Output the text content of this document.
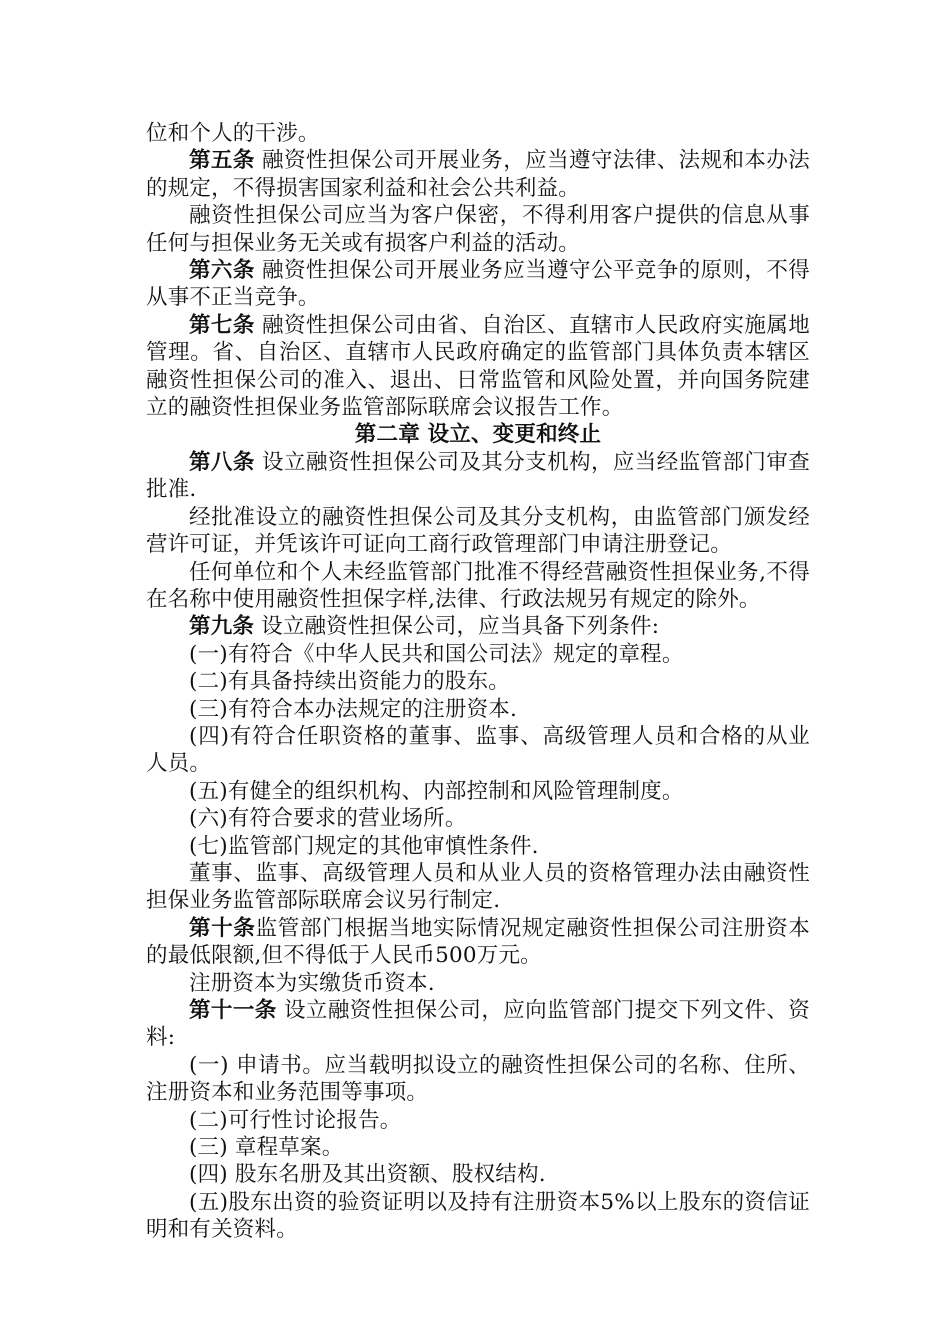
位和个人的干涉。

第五条 融资性担保公司开展业务，应当遵守法律、法规和本办法的规定，不得损害国家利益和社会公共利益。

融资性担保公司应当为客户保密，不得利用客户提供的信息从事任何与担保业务无关或有损客户利益的活动。

第六条 融资性担保公司开展业务应当遵守公平竞争的原则，不得从事不正当竞争。

第七条 融资性担保公司由省、自治区、直辖市人民政府实施属地管理。省、自治区、直辖市人民政府确定的监管部门具体负责本辖区融资性担保公司的准入、退出、日常监管和风险处置，并向国务院建立的融资性担保业务监管部际联席会议报告工作。

第二章 设立、变更和终止

第八条 设立融资性担保公司及其分支机构，应当经监管部门审查批准.

经批准设立的融资性担保公司及其分支机构，由监管部门颁发经营许可证，并凭该许可证向工商行政管理部门申请注册登记。

任何单位和个人未经监管部门批准不得经营融资性担保业务,不得在名称中使用融资性担保字样,法律、行政法规另有规定的除外。

第九条 设立融资性担保公司，应当具备下列条件:

(一)有符合《中华人民共和国公司法》规定的章程。

(二)有具备持续出资能力的股东。

(三)有符合本办法规定的注册资本.

(四)有符合任职资格的董事、监事、高级管理人员和合格的从业人员。

(五)有健全的组织机构、内部控制和风险管理制度。

(六)有符合要求的营业场所。

(七)监管部门规定的其他审慎性条件.

董事、监事、高级管理人员和从业人员的资格管理办法由融资性担保业务监管部际联席会议另行制定.

第十条监管部门根据当地实际情况规定融资性担保公司注册资本的最低限额,但不得低于人民币500万元。

注册资本为实缴货币资本.

第十一条 设立融资性担保公司，应向监管部门提交下列文件、资料:

(一) 申请书。应当载明拟设立的融资性担保公司的名称、住所、注册资本和业务范围等事项。

(二)可行性讨论报告。

(三) 章程草案。

(四) 股东名册及其出资额、股权结构.

(五)股东出资的验资证明以及持有注册资本5%以上股东的资信证明和有关资料。
